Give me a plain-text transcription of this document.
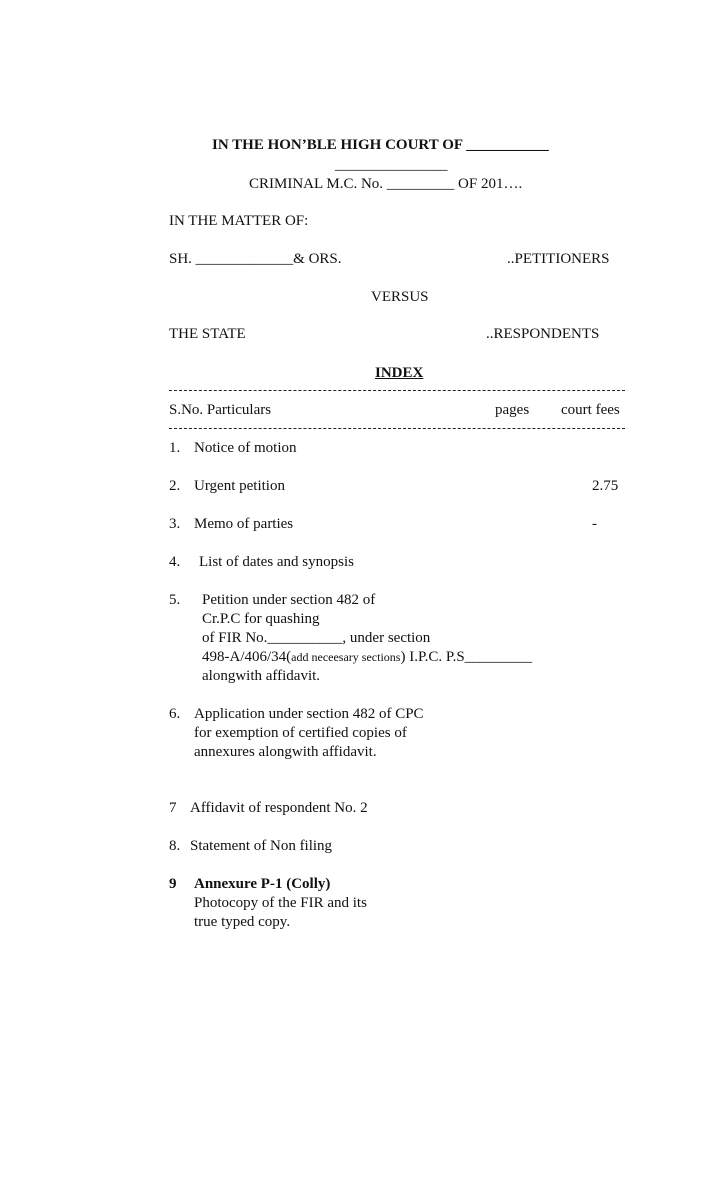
IN THE HON’BLE HIGH COURT OF ___________
_______________
CRIMINAL M.C. No. _________ OF 201….
IN THE MATTER OF:
SH. _____________& ORS.	..PETITIONERS
VERSUS
THE STATE	..RESPONDENTS
INDEX
S.No. Particulars	pages court fees
1. Notice of motion
2. Urgent petition	2.75
3. Memo of parties	-
4. List of dates and synopsis
5. Petition under section 482 of
Cr.P.C for quashing
of FIR No.__________, under section
498-A/406/34(add neceesary sections) I.P.C. P.S_________
alongwith affidavit.
6. Application under section 482 of CPC
for exemption of certified copies of
annexures alongwith affidavit.
7 Affidavit of respondent No. 2
8. Statement of Non filing
9 Annexure P-1 (Colly)
Photocopy of the FIR and its
true typed copy.
